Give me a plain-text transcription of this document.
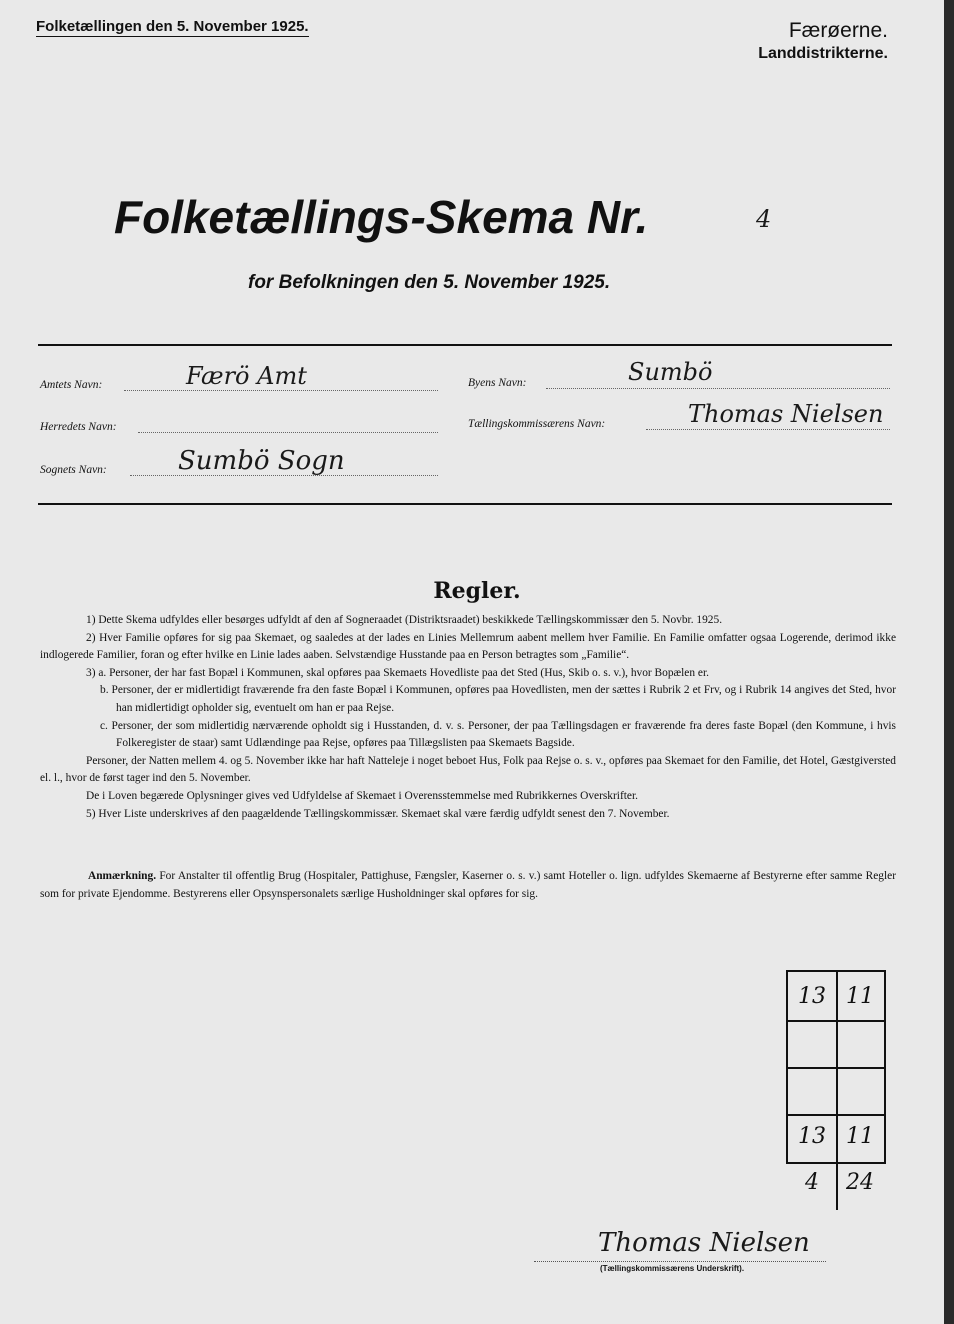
Folketællingen den 5. November 1925.	Færøerne.
Landdistrikterne.
Folketællings-Skema Nr.	4
for Befolkningen den 5. November 1925.
Amtets Navn:	Færö Amt
Herredets Navn:
Sognets Navn:	Sumbö Sogn
Byens Navn:	Sumbö
Tællingskommissærens Navn:	Thomas Nielsen
Regler.

1) Dette Skema udfyldes eller besørges udfyldt af den af Sogneraadet (Distriktsraadet) beskikkede Tællingskommissær den 5. Novbr. 1925.

2) Hver Familie opføres for sig paa Skemaet, og saaledes at der lades en Linies Mellemrum aabent mellem hver Familie. En Familie omfatter ogsaa Logerende, derimod ikke indlogerede Familier, foran og efter hvilke en Linie lades aaben. Selvstændige Husstande paa en Person betragtes som „Familie“.

3) a. Personer, der har fast Bopæl i Kommunen, skal opføres paa Skemaets Hovedliste paa det Sted (Hus, Skib o. s. v.), hvor Bopælen er.

b. Personer, der er midlertidigt fraværende fra den faste Bopæl i Kommunen, opføres paa Hovedlisten, men der sættes i Rubrik 2 et Frv, og i Rubrik 14 angives det Sted, hvor han midlertidigt opholder sig, eventuelt om han er paa Rejse.

c. Personer, der som midlertidig nærværende opholdt sig i Husstanden, d. v. s. Personer, der paa Tællingsdagen er fraværende fra deres faste Bopæl (den Kommune, i hvis Folkeregister de staar) samt Udlændinge paa Rejse, opføres paa Tillægslisten paa Skemaets Bagside.

Personer, der Natten mellem 4. og 5. November ikke har haft Natteleje i noget beboet Hus, Folk paa Rejse o. s. v., opføres paa Skemaet for den Familie, det Hotel, Gæstgiversted el. l., hvor de først tager ind den 5. November.

De i Loven begærede Oplysninger gives ved Udfyldelse af Skemaet i Overensstemmelse med Rubrikkernes Overskrifter.

5) Hver Liste underskrives af den paagældende Tællingskommissær. Skemaet skal være færdig udfyldt senest den 7. November.

Anmærkning. For Anstalter til offentlig Brug (Hospitaler, Pattighuse, Fængsler, Kaserner o. s. v.) samt Hoteller o. lign. udfyldes Skemaerne af Bestyrerne efter samme Regler som for private Ejendomme. Bestyrerens eller Opsynspersonalets særlige Husholdninger skal opføres for sig.

13 11
13 11
4	24
Thomas Nielsen
(Tællingskommissærens Underskrift).
